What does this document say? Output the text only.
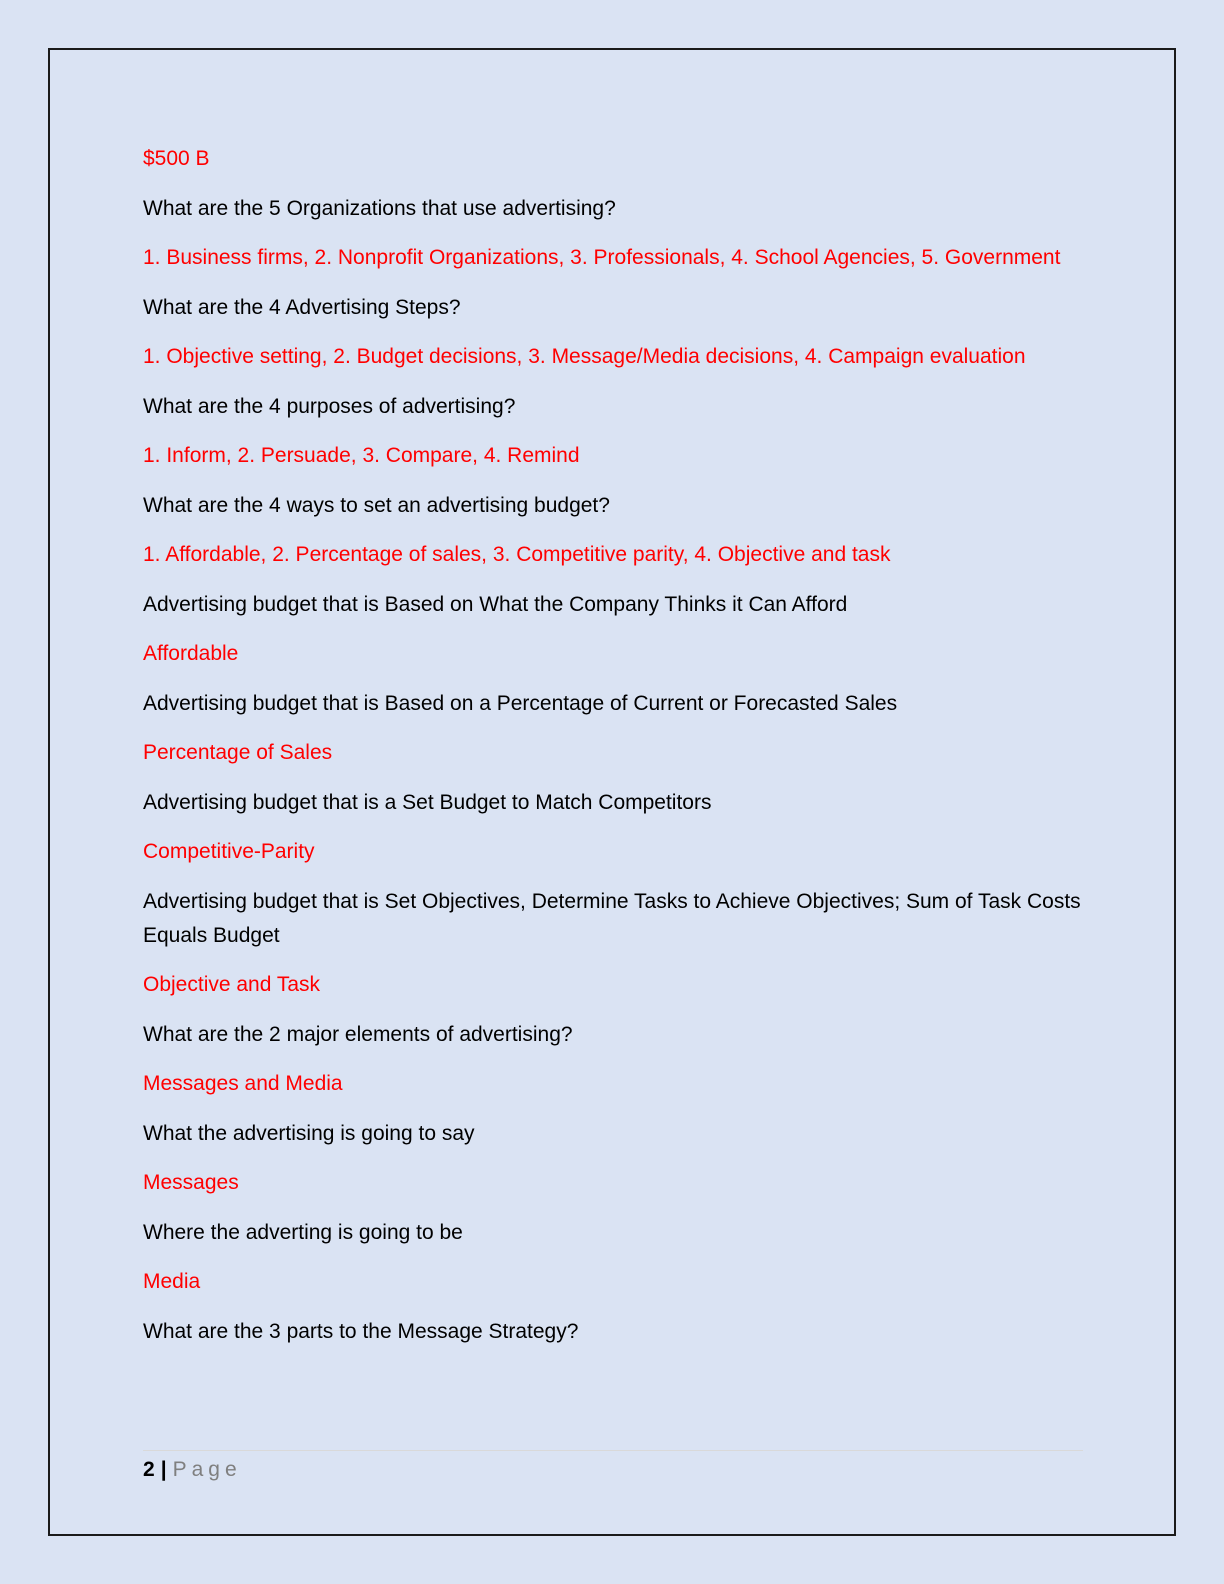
$500 B

What are the 5 Organizations that use advertising?

1. Business firms, 2. Nonprofit Organizations, 3. Professionals, 4. School Agencies, 5. Government

What are the 4 Advertising Steps?

1. Objective setting, 2. Budget decisions, 3. Message/Media decisions, 4. Campaign evaluation

What are the 4 purposes of advertising?

1. Inform, 2. Persuade, 3. Compare, 4. Remind

What are the 4 ways to set an advertising budget?

1. Affordable, 2. Percentage of sales, 3. Competitive parity, 4. Objective and task

Advertising budget that is Based on What the Company Thinks it Can Afford

Affordable

Advertising budget that is Based on a Percentage of Current or Forecasted Sales

Percentage of Sales

Advertising budget that is a Set Budget to Match Competitors

Competitive-Parity

Advertising budget that is Set Objectives, Determine Tasks to Achieve Objectives; Sum of Task Costs Equals Budget

Objective and Task

What are the 2 major elements of advertising?

Messages and Media

What the advertising is going to say

Messages

Where the adverting is going to be

Media

What are the 3 parts to the Message Strategy?

2 | Page
